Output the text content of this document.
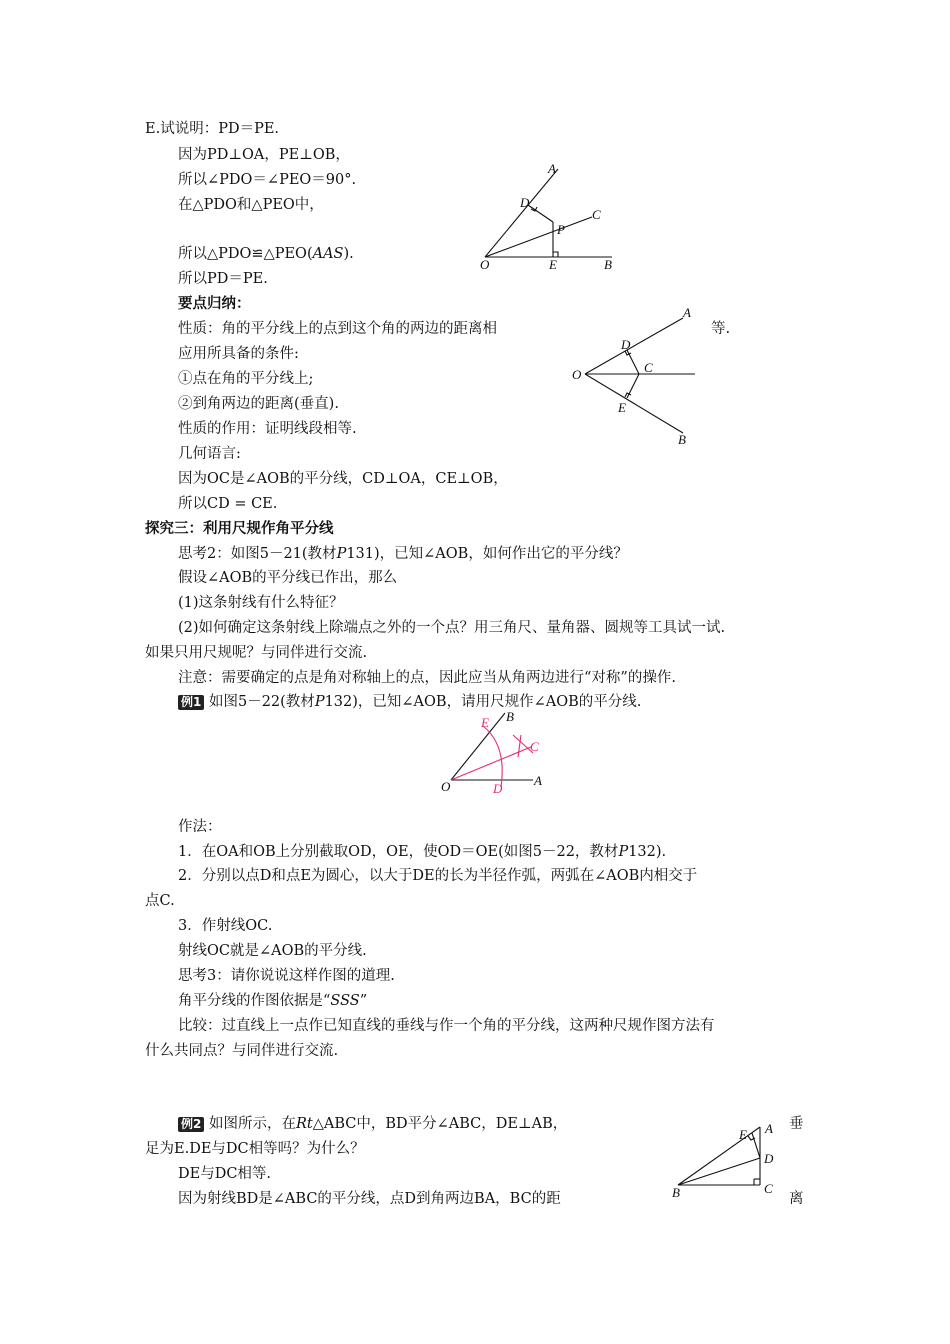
E.试说明：PD＝PE.
因为PD⊥OA，PE⊥OB，
所以∠PDO＝∠PEO＝90°.
在△PDO和△PEO中，
所以△PDO≌△PEO(AAS).
所以PD＝PE.
A
D
C
P
O	E	B
要点归纳：
性质：角的平分线上的点到这个角的两边的距离相	等.
应用所具备的条件:
①点在角的平分线上;
②到角两边的距离(垂直).
性质的作用：证明线段相等.
几何语言:
因为OC是∠AOB的平分线，CD⊥OA，CE⊥OB，
所以CD = CE.
A
D
C
O
E
B
探究三：利用尺规作角平分线
思考2：如图5－21(教材P131)，已知∠AOB，如何作出它的平分线？
假设∠AOB的平分线已作出，那么
(1)这条射线有什么特征？
(2)如何确定这条射线上除端点之外的一个点？用三角尺、量角器、圆规等工具试一试.
如果只用尺规呢？与同伴进行交流.
注意：需要确定的点是角对称轴上的点，因此应当从角两边进行“对称”的操作.
例1 如图5－22(教材P132)，已知∠AOB，请用尺规作∠AOB的平分线.
E B
C
O	D
A
作法：
1．在OA和OB上分别截取OD，OE，使OD＝OE(如图5－22，教材P132).
2．分别以点D和点E为圆心，以大于DE的长为半径作弧，两弧在∠AOB内相交于
点C.
3．作射线OC.
射线OC就是∠AOB的平分线.
思考3：请你说说这样作图的道理.
角平分线的作图依据是“SSS”
比较：过直线上一点作已知直线的垂线与作一个角的平分线，这两种尺规作图方法有
什么共同点？与同伴进行交流.
例2 如图所示，在Rt△ABC中，BD平分∠ABC，DE⊥AB，	垂
足为E.DE与DC相等吗？为什么？
DE与DC相等.
因为射线BD是∠ABC的平分线，点D到角两边BA，BC的距	离
E A
D
B	C
